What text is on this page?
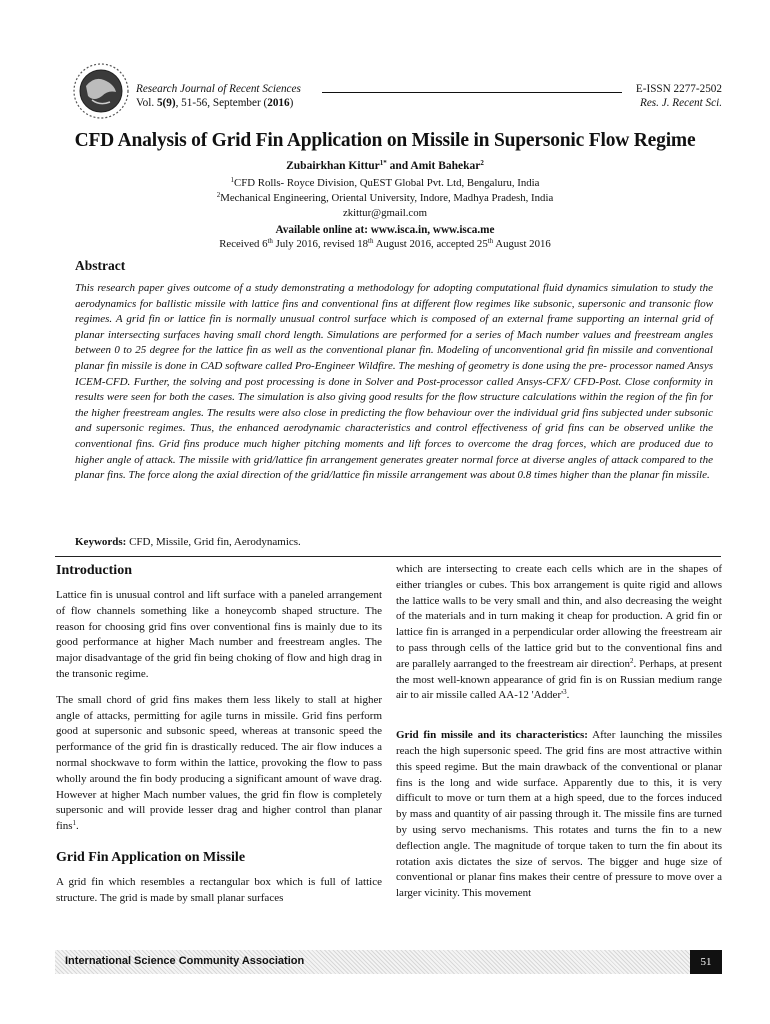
Research Journal of Recent Sciences
Vol. 5(9), 51-56, September (2016)
E-ISSN 2277-2502
Res. J. Recent Sci.
CFD Analysis of Grid Fin Application on Missile in Supersonic Flow Regime
Zubairkhan Kittur$^{1*}$ and Amit Bahekar$^2$
$^1$CFD Rolls- Royce Division, QuEST Global Pvt. Ltd, Bengaluru, India
$^2$Mechanical Engineering, Oriental University, Indore, Madhya Pradesh, India
zkittur@gmail.com
Available online at: www.isca.in, www.isca.me
Received 6th July 2016, revised 18th August 2016, accepted 25th August 2016
Abstract
This research paper gives outcome of a study demonstrating a methodology for adopting computational fluid dynamics simulation to study the aerodynamics for ballistic missile with lattice fins and conventional fins at different flow regimes like subsonic, supersonic and transonic flow regimes. A grid fin or lattice fin is normally unusual control surface which is composed of an external frame supporting an internal grid of planar intersecting surfaces having small chord length. Simulations are performed for a series of Mach number values and freestream angles between 0 to 25 degree for the lattice fin as well as the conventional planar fin. Modeling of unconventional grid fin missile and conventional planar fin missile is done in CAD software called Pro-Engineer Wildfire. The meshing of geometry is done using the pre- processor named Ansys ICEM-CFD. Further, the solving and post processing is done in Solver and Post-processor called Ansys-CFX/ CFD-Post. Close conformity in results were seen for both the cases. The simulation is also giving good results for the flow structure calculations within the region of the fin for the higher freestream angles. The results were also close in predicting the flow behaviour over the individual grid fins subjected under subsonic and supersonic regimes. Thus, the enhanced aerodynamic characteristics and control effectiveness of grid fins can be observed unlike the conventional fins. Grid fins produce much higher pitching moments and lift forces to overcome the drag forces, which are produced due to higher angle of attack. The missile with grid/lattice fin arrangement generates greater normal force at diverse angles of attack compared to the planar fins. The force along the axial direction of the grid/lattice fin missile arrangement was about 0.8 times higher than the planar fin missile.
Keywords: CFD, Missile, Grid fin, Aerodynamics.
Introduction

Lattice fin is unusual control and lift surface with a paneled arrangement of flow channels something like a honeycomb shaped structure. The reason for choosing grid fins over conventional fins is mainly due to its good performance at higher Mach number and freestream angles. The major disadvantage of the grid fin being choking of flow and high drag in the transonic regime.

The small chord of grid fins makes them less likely to stall at higher angle of attacks, permitting for agile turns in missile. Grid fins perform good at supersonic and subsonic speed, whereas at transonic speed the performance of the grid fin is drastically reduced. The air flow induces a normal shockwave to form within the lattice, provoking the flow to pass wholly around the fin body producing a significant amount of wave drag. However at higher Mach number values, the grid fin flow is completely supersonic and will provide lesser drag and higher control than planar fins$^1$.

Grid Fin Application on Missile

A grid fin which resembles a rectangular box which is full of lattice structure. The grid is made by small planar surfaces

which are intersecting to create each cells which are in the shapes of either triangles or cubes. This box arrangement is quite rigid and allows the lattice walls to be very small and thin, and also decreasing the weight of the materials and in turn making it cheap for production. A grid fin or lattice fin is arranged in a perpendicular order allowing the freestream air to pass through cells of the lattice grid but to the conventional fins and are parallely aarranged to the freestream air direction$^2$. Perhaps, at present the most well-known appearance of grid fin is on Russian medium range air to air missile called AA-12 '$Adder'^3$.

Grid fin missile and its characteristics: After launching the missiles reach the high supersonic speed. The grid fins are most attractive within this speed regime. But the main drawback of the conventional or planar fins is the long and wide surface. Apparently due to this, it is very difficult to move or turn them at a high speed, due to the forces induced by mass and quantity of air passing through it. The missile fins are turned by using servo mechanisms. This rotates and turns the fin to a new deflection angle. The magnitude of torque taken to turn the fin about its rotation axis dictates the size of servos. The bigger and huge size of conventional or planar fins makes their centre of pressure to move over a larger vicinity. This movement

International Science Community Association	51
